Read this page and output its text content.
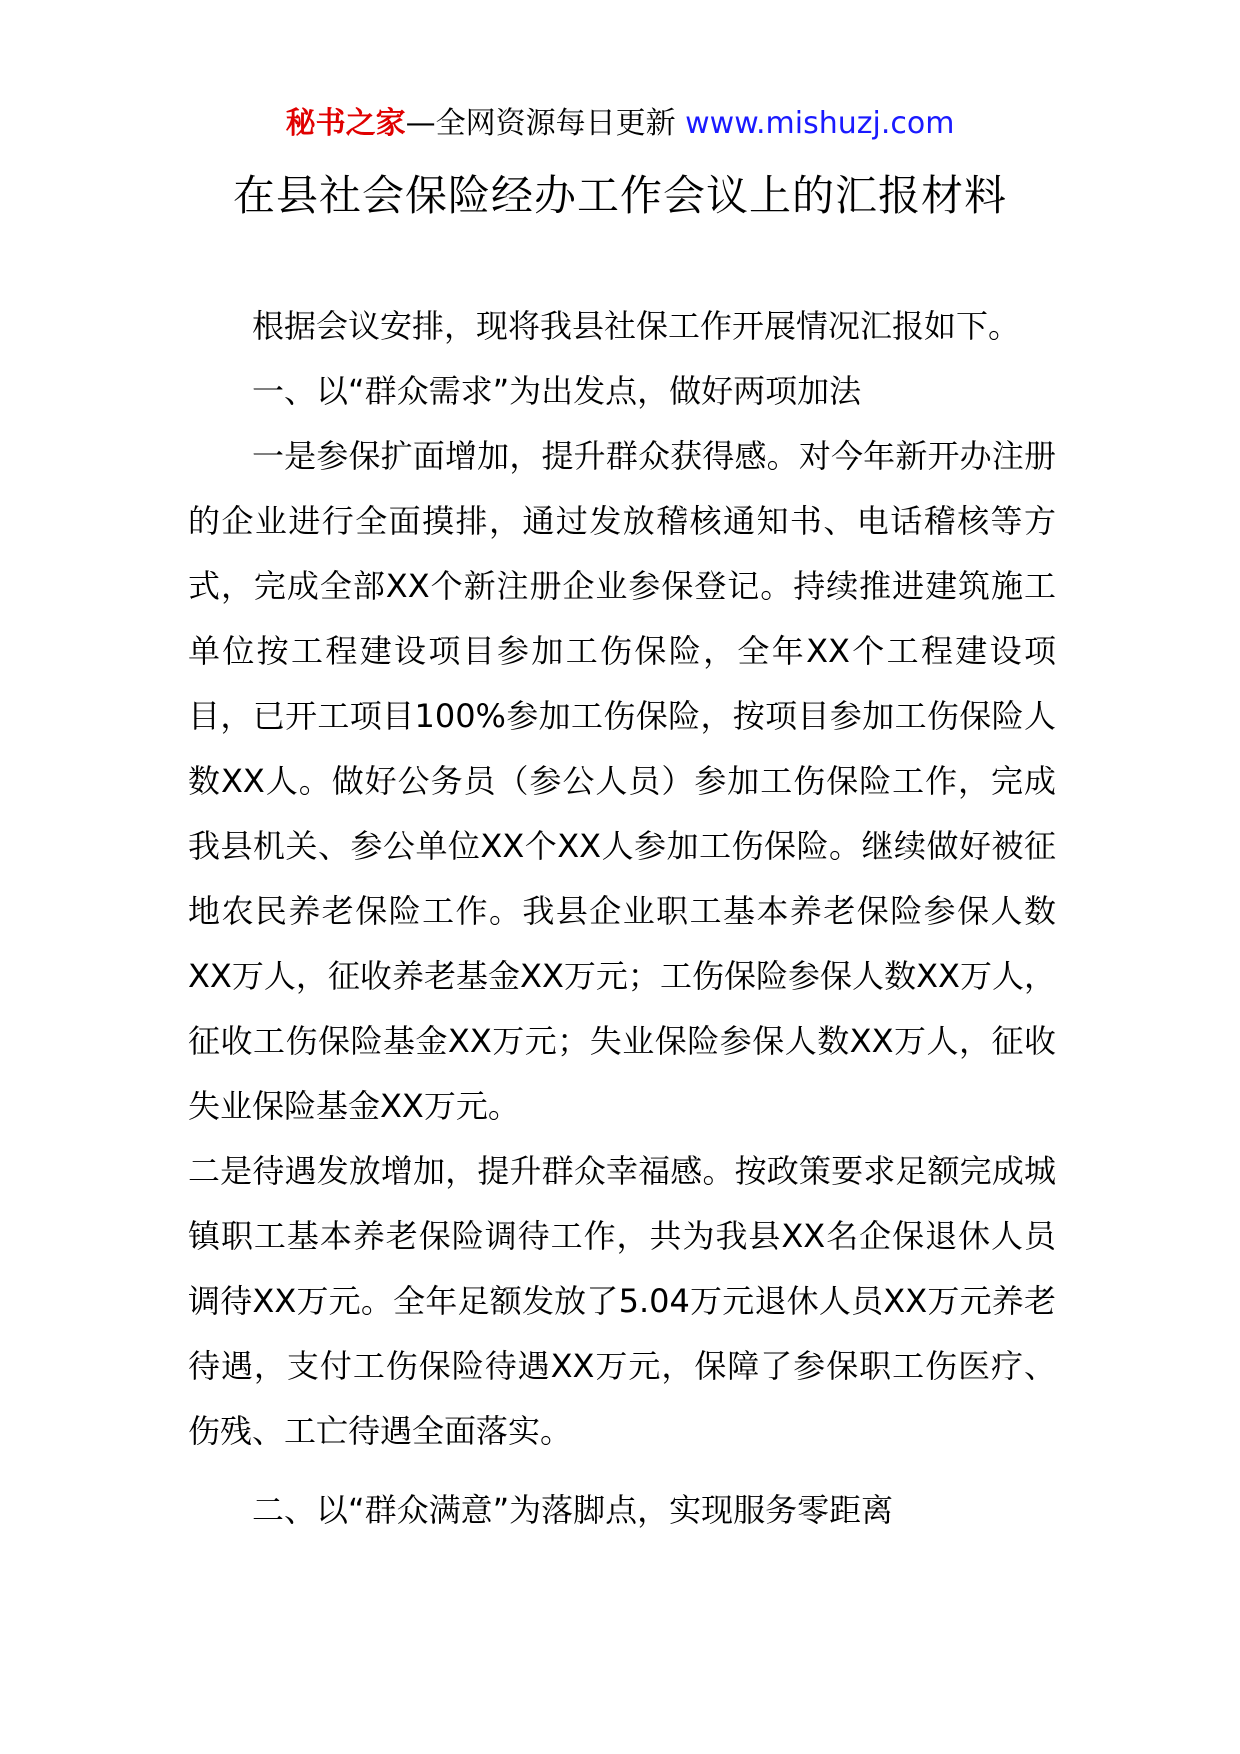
秘书之家—全网资源每日更新 www.mishuzj.com
在县社会保险经办工作会议上的汇报材料

根据会议安排，现将我县社保工作开展情况汇报如下。

一、以“群众需求”为出发点，做好两项加法

一是参保扩面增加，提升群众获得感。对今年新开办注册的企业进行全面摸排，通过发放稽核通知书、电话稽核等方式，完成全部XX个新注册企业参保登记。持续推进建筑施工单位按工程建设项目参加工伤保险，全年XX个工程建设项目，已开工项目100%参加工伤保险，按项目参加工伤保险人数XX人。做好公务员（参公人员）参加工伤保险工作，完成我县机关、参公单位XX个XX人参加工伤保险。继续做好被征地农民养老保险工作。我县企业职工基本养老保险参保人数XX万人，征收养老基金XX万元；工伤保险参保人数XX万人，征收工伤保险基金XX万元；失业保险参保人数XX万人，征收失业保险基金XX万元。

二是待遇发放增加，提升群众幸福感。按政策要求足额完成城镇职工基本养老保险调待工作，共为我县XX名企保退休人员调待XX万元。全年足额发放了5.04万元退休人员XX万元养老待遇，支付工伤保险待遇XX万元，保障了参保职工伤医疗、伤残、工亡待遇全面落实。

二、以“群众满意”为落脚点，实现服务零距离
